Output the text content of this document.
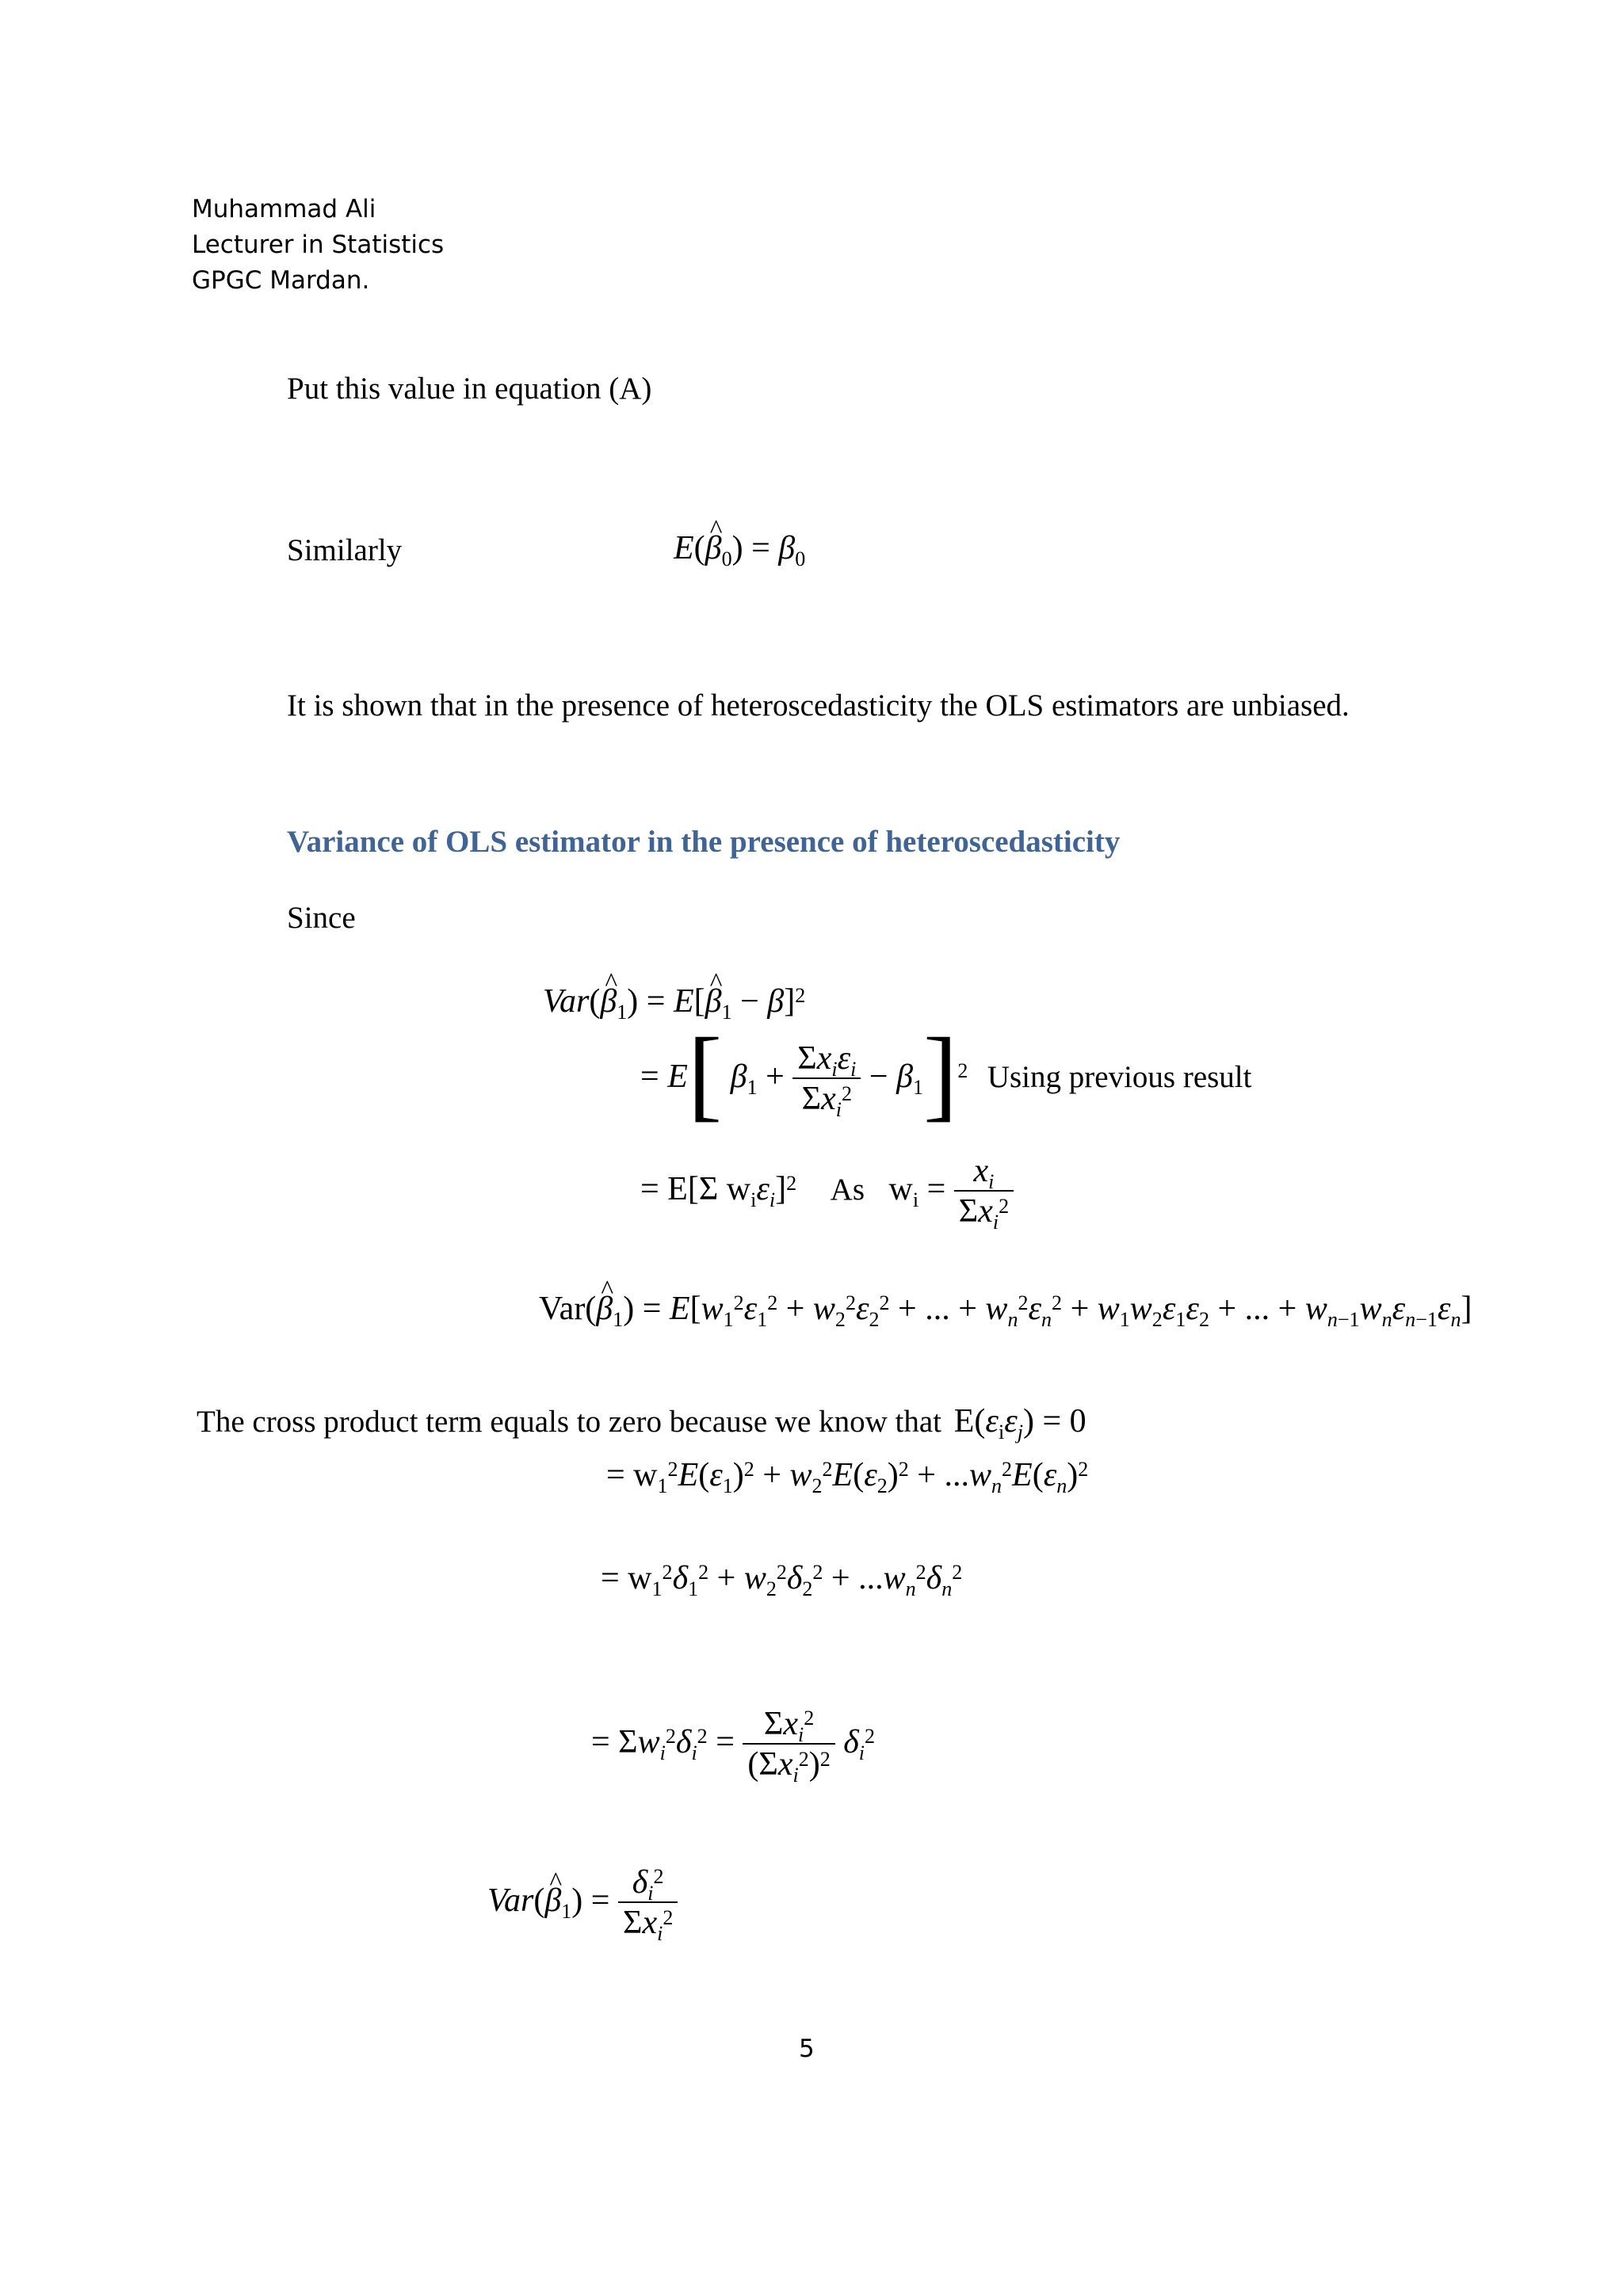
Muhammad Ali
Lecturer in Statistics
GPGC Mardan.
Put this value in equation (A)
Similarly	E(β $\^{}_0) = \beta_0$
It is shown that in the presence of heteroscedasticity the OLS estimators are unbiased.
Variance of OLS estimator in the presence of heteroscedasticity
Since
Var(β $\^{}_1) = E[\beta$ $\^{}_1 - \beta]^2$
= E[ $\beta_1 + \frac{\Sigma x_i\varepsilon_i}{\Sigma x_i^2} - \beta_1]^2$ Using previous result
= E[Σ $w_i\varepsilon_i]^2$ As $w_i = \frac{x_i}{\Sigma x_i^2}$
Var(β $\^{}_1) = E[w_1^2\varepsilon_1^2 + w_2^2\varepsilon_2^2$ + ... + $w_n^2\varepsilon_n^2 + w_1w_2\varepsilon_1\varepsilon_2$ + ... + $w_{n-1}w_n\varepsilon_{n-1}\varepsilon_n$]
The cross product term equals to zero because we know that $E(\varepsilon_i\varepsilon_j) = 0$
= $w_1^2E(\varepsilon_1)^2 + w_2^2E(\varepsilon_2)^2 + ...w_n^2E(\varepsilon_n)^2$
= $w_1^2\delta_1^2 + w_2^2\delta_2^2 + ...w_n^2\delta_n^2$
= $\Sigma w_i^2\delta_i^2 = \frac{\Sigma x_i^2}{(\Sigma x_i^2)^2} \delta_i^2$
Var(β $\^{}_1) = \frac{\delta_i^2}{\Sigma x_i^2}$
5
